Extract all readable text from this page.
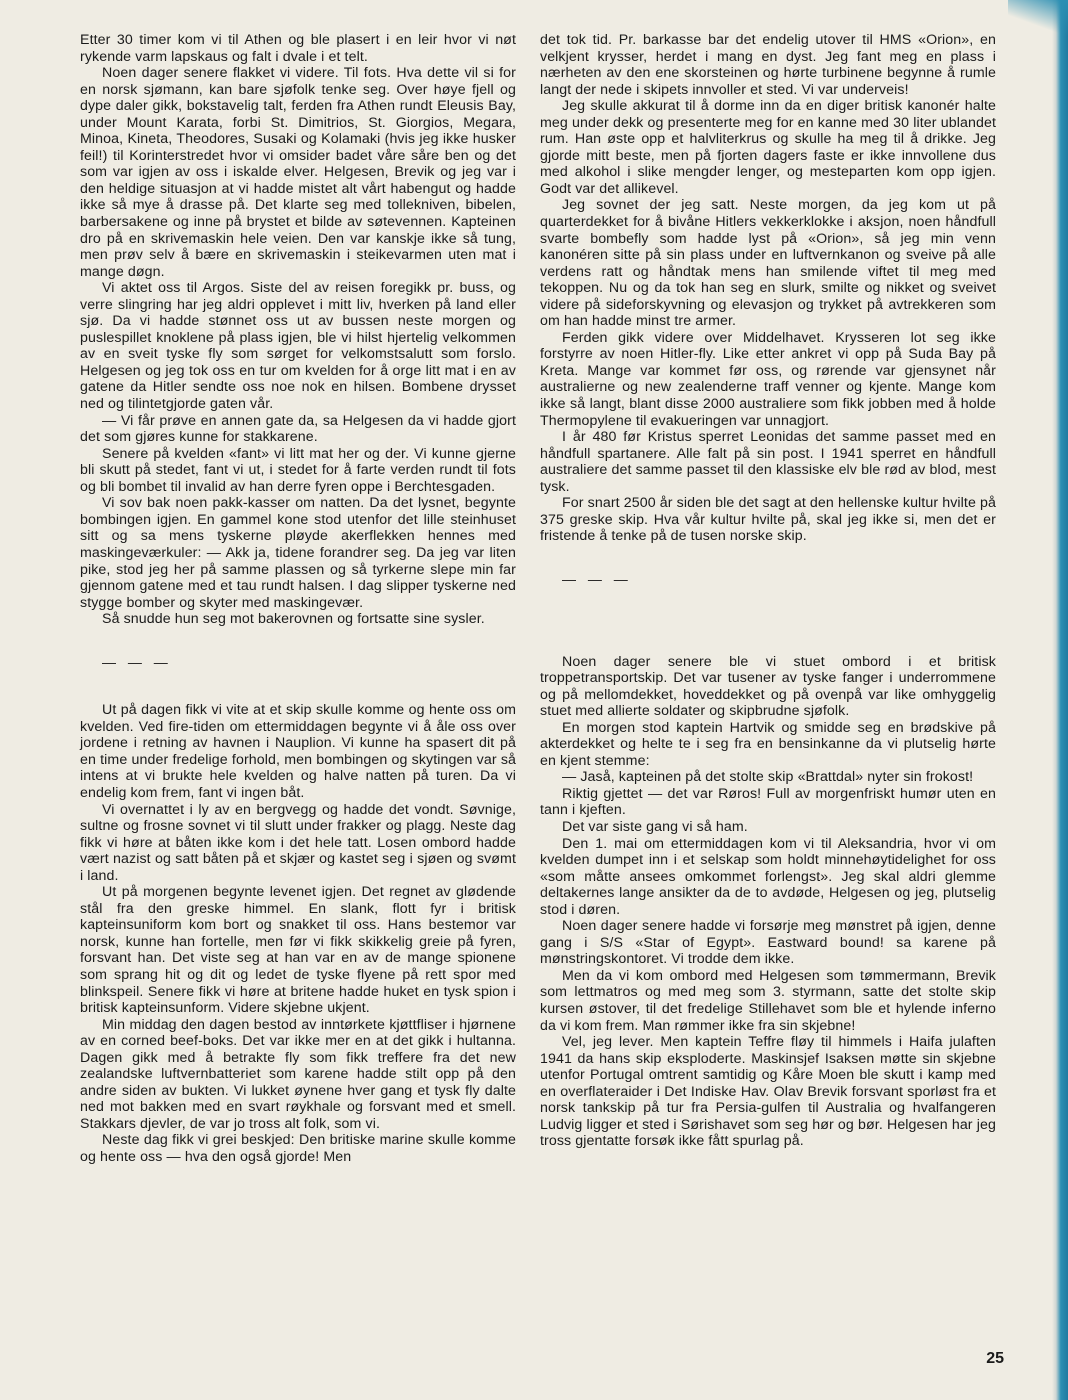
Etter 30 timer kom vi til Athen og ble plasert i en leir hvor vi nøt rykende varm lapskaus og falt i dvale i et telt.

Noen dager senere flakket vi videre. Til fots. Hva dette vil si for en norsk sjømann, kan bare sjøfolk tenke seg. Over høye fjell og dype daler gikk, bokstavelig talt, ferden fra Athen rundt Eleusis Bay, under Mount Karata, forbi St. Dimitrios, St. Giorgios, Megara, Minoa, Kineta, Theodores, Susaki og Kolamaki (hvis jeg ikke husker feil!) til Korinterstredet hvor vi omsider badet våre såre ben og det som var igjen av oss i iskalde elver. Helgesen, Brevik og jeg var i den heldige situasjon at vi hadde mistet alt vårt habengut og hadde ikke så mye å drasse på. Det klarte seg med tollekniven, bibelen, barbersakene og inne på brystet et bilde av søtevennen. Kapteinen dro på en skrivemaskin hele veien. Den var kanskje ikke så tung, men prøv selv å bære en skrivemaskin i steikevarmen uten mat i mange døgn.

Vi aktet oss til Argos. Siste del av reisen foregikk pr. buss, og verre slingring har jeg aldri opplevet i mitt liv, hverken på land eller sjø. Da vi hadde stønnet oss ut av bussen neste morgen og puslespillet knoklene på plass igjen, ble vi hilst hjertelig velkommen av en sveit tyske fly som sørget for velkomstsalutt som forslo. Helgesen og jeg tok oss en tur om kvelden for å orge litt mat i en av gatene da Hitler sendte oss noe nok en hilsen. Bombene drysset ned og tilintetgjorde gaten vår.

— Vi får prøve en annen gate da, sa Helgesen da vi hadde gjort det som gjøres kunne for stakkarene.

Senere på kvelden «fant» vi litt mat her og der. Vi kunne gjerne bli skutt på stedet, fant vi ut, i stedet for å farte verden rundt til fots og bli bombet til invalid av han derre fyren oppe i Berchtesgaden.

Vi sov bak noen pakk-kasser om natten. Da det lysnet, begynte bombingen igjen. En gammel kone stod utenfor det lille steinhuset sitt og sa mens tyskerne pløyde akerflekken hennes med maskingeværkuler: — Akk ja, tidene forandrer seg. Da jeg var liten pike, stod jeg her på samme plassen og så tyrkerne slepe min far gjennom gatene med et tau rundt halsen. I dag slipper tyskerne ned stygge bomber og skyter med maskingevær.

Så snudde hun seg mot bakerovnen og fortsatte sine sysler.

— — —

Ut på dagen fikk vi vite at et skip skulle komme og hente oss om kvelden. Ved fire-tiden om ettermiddagen begynte vi å åle oss over jordene i retning av havnen i Nauplion. Vi kunne ha spasert dit på en time under fredelige forhold, men bombingen og skytingen var så intens at vi brukte hele kvelden og halve natten på turen. Da vi endelig kom frem, fant vi ingen båt.

Vi overnattet i ly av en bergvegg og hadde det vondt. Søvnige, sultne og frosne sovnet vi til slutt under frakker og plagg. Neste dag fikk vi høre at båten ikke kom i det hele tatt. Losen ombord hadde vært nazist og satt båten på et skjær og kastet seg i sjøen og svømt i land.

Ut på morgenen begynte levenet igjen. Det regnet av glødende stål fra den greske himmel. En slank, flott fyr i britisk kapteinsuniform kom bort og snakket til oss. Hans bestemor var norsk, kunne han fortelle, men før vi fikk skikkelig greie på fyren, forsvant han. Det viste seg at han var en av de mange spionene som sprang hit og dit og ledet de tyske flyene på rett spor med blinkspeil. Senere fikk vi høre at britene hadde huket en tysk spion i britisk kapteinsunform. Videre skjebne ukjent.

Min middag den dagen bestod av inntørkete kjøttfliser i hjørnene av en corned beef-boks. Det var ikke mer en at det gikk i hultanna. Dagen gikk med å betrakte fly som fikk treffere fra det new zealandske luftvernbatteriet som karene hadde stilt opp på den andre siden av bukten. Vi lukket øynene hver gang et tysk fly dalte ned mot bakken med en svart røykhale og forsvant med et smell. Stakkars djevler, de var jo tross alt folk, som vi.

Neste dag fikk vi grei beskjed: Den britiske marine skulle komme og hente oss — hva den også gjorde! Men

det tok tid. Pr. barkasse bar det endelig utover til HMS «Orion», en velkjent krysser, herdet i mang en dyst. Jeg fant meg en plass i nærheten av den ene skorsteinen og hørte turbinene begynne å rumle langt der nede i skipets innvoller et sted. Vi var underveis!

Jeg skulle akkurat til å dorme inn da en diger britisk kanonér halte meg under dekk og presenterte meg for en kanne med 30 liter ublandet rum. Han øste opp et halvliterkrus og skulle ha meg til å drikke. Jeg gjorde mitt beste, men på fjorten dagers faste er ikke innvollene dus med alkohol i slike mengder lenger, og mesteparten kom opp igjen. Godt var det allikevel.

Jeg sovnet der jeg satt. Neste morgen, da jeg kom ut på quarterdekket for å bivåne Hitlers vekkerklokke i aksjon, noen håndfull svarte bombefly som hadde lyst på «Orion», så jeg min venn kanonéren sitte på sin plass under en luftvernkanon og sveive på alle verdens ratt og håndtak mens han smilende viftet til meg med tekoppen. Nu og da tok han seg en slurk, smilte og nikket og sveivet videre på sideforskyvning og elevasjon og trykket på avtrekkeren som om han hadde minst tre armer.

Ferden gikk videre over Middelhavet. Krysseren lot seg ikke forstyrre av noen Hitler-fly. Like etter ankret vi opp på Suda Bay på Kreta. Mange var kommet før oss, og rørende var gjensynet når australierne og new zealenderne traff venner og kjente. Mange kom ikke så langt, blant disse 2000 australiere som fikk jobben med å holde Thermopylene til evakueringen var unnagjort.

I år 480 før Kristus sperret Leonidas det samme passet med en håndfull spartanere. Alle falt på sin post. I 1941 sperret en håndfull australiere det samme passet til den klassiske elv ble rød av blod, mest tysk.

For snart 2500 år siden ble det sagt at den hellenske kultur hvilte på 375 greske skip. Hva vår kultur hvilte på, skal jeg ikke si, men det er fristende å tenke på de tusen norske skip.

— — —

Noen dager senere ble vi stuet ombord i et britisk troppetransportskip. Det var tusener av tyske fanger i underrommene og på mellomdekket, hoveddekket og på ovenpå var like omhyggelig stuet med allierte soldater og skipbrudne sjøfolk.

En morgen stod kaptein Hartvik og smidde seg en brødskive på akterdekket og helte te i seg fra en bensinkanne da vi plutselig hørte en kjent stemme:

— Jaså, kapteinen på det stolte skip «Brattdal» nyter sin frokost!

Riktig gjettet — det var Røros! Full av morgenfriskt humør uten en tann i kjeften.

Det var siste gang vi så ham.

Den 1. mai om ettermiddagen kom vi til Aleksandria, hvor vi om kvelden dumpet inn i et selskap som holdt minnehøytidelighet for oss «som måtte ansees omkommet forlengst». Jeg skal aldri glemme deltakernes lange ansikter da de to avdøde, Helgesen og jeg, plutselig stod i døren.

Noen dager senere hadde vi forsørje meg mønstret på igjen, denne gang i S/S «Star of Egypt». Eastward bound! sa karene på mønstringskontoret. Vi trodde dem ikke.

Men da vi kom ombord med Helgesen som tømmermann, Brevik som lettmatros og med meg som 3. styrmann, satte det stolte skip kursen østover, til det fredelige Stillehavet som ble et hylende inferno da vi kom frem. Man rømmer ikke fra sin skjebne!

Vel, jeg lever. Men kaptein Teffre fløy til himmels i Haifa julaften 1941 da hans skip eksploderte. Maskinsjef Isaksen møtte sin skjebne utenfor Portugal omtrent samtidig og Kåre Moen ble skutt i kamp med en overflateraider i Det Indiske Hav. Olav Brevik forsvant sporløst fra et norsk tankskip på tur fra Persia-gulfen til Australia og hvalfangeren Ludvig ligger et sted i Sørishavet som seg hør og bør. Helgesen har jeg tross gjentatte forsøk ikke fått spurlag på.

25
